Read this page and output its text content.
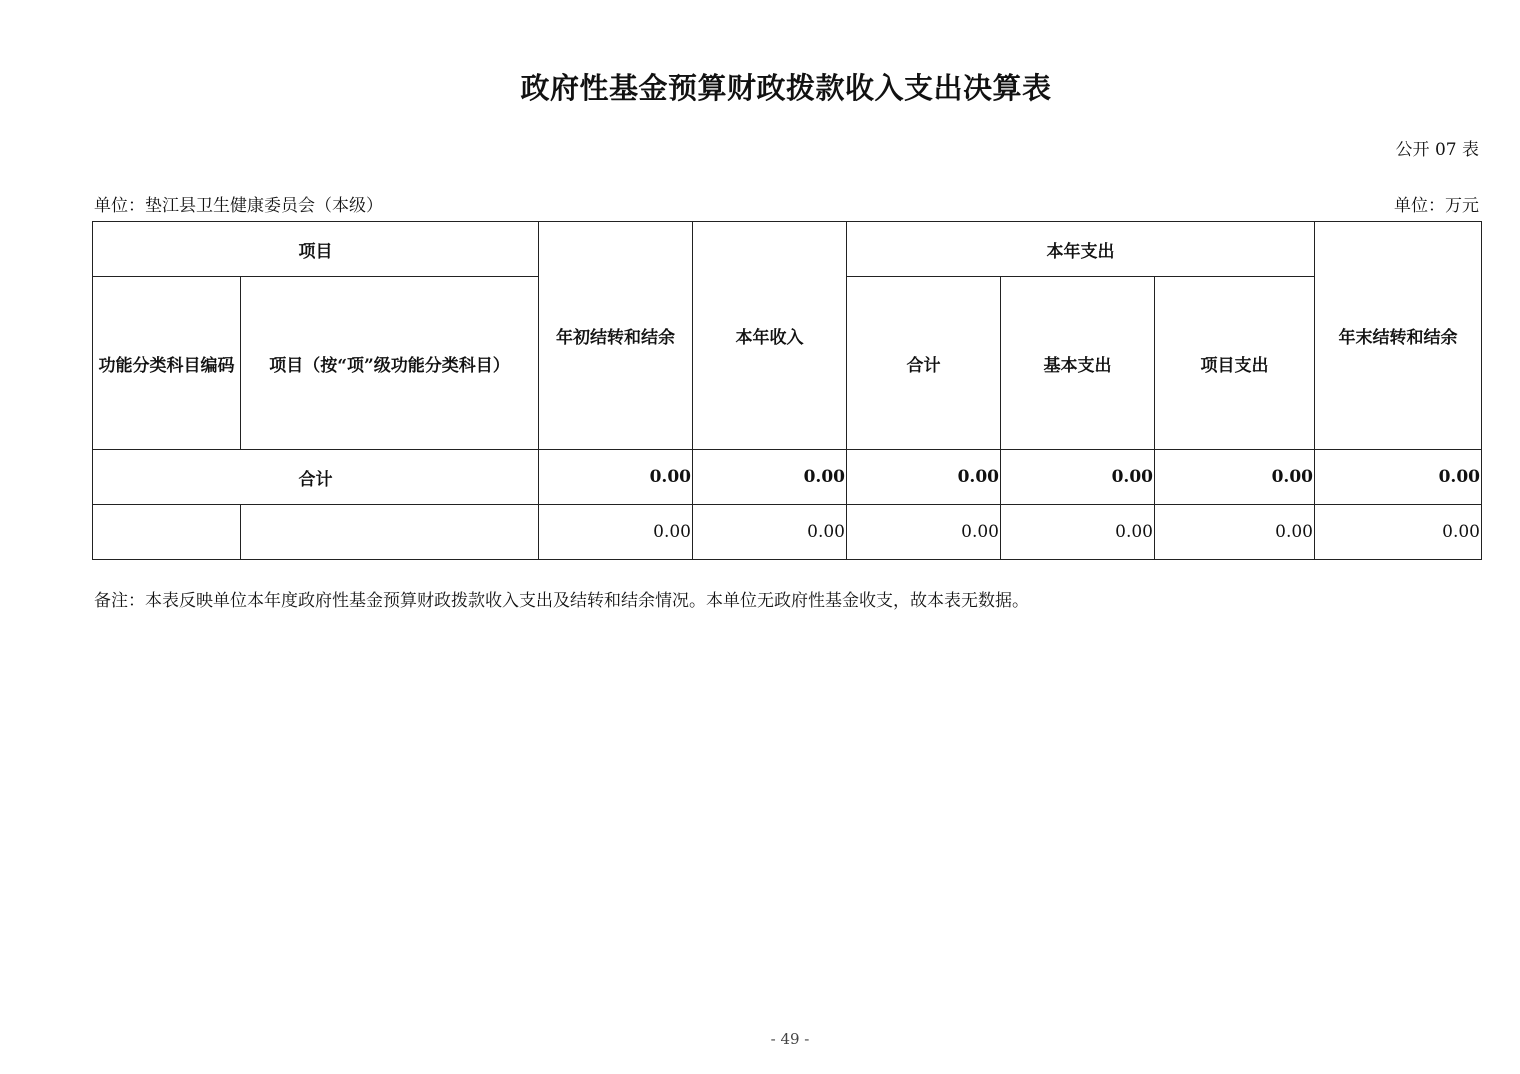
政府性基金预算财政拨款收入支出决算表
公开 07 表
单位：垫江县卫生健康委员会（本级）	单位：万元
项目		年初结转和结余	本年收入	本年支出			年末结转和结余
功能分类科目编码	项目（按“项”级功能分类科目）			合计	基本支出	项目支出	
合计		0.00	0.00	0.00	0.00	0.00	0.00
		0.00	0.00	0.00	0.00	0.00	0.00
备注：本表反映单位本年度政府性基金预算财政拨款收入支出及结转和结余情况。本单位无政府性基金收支，故本表无数据。
- 49 -
